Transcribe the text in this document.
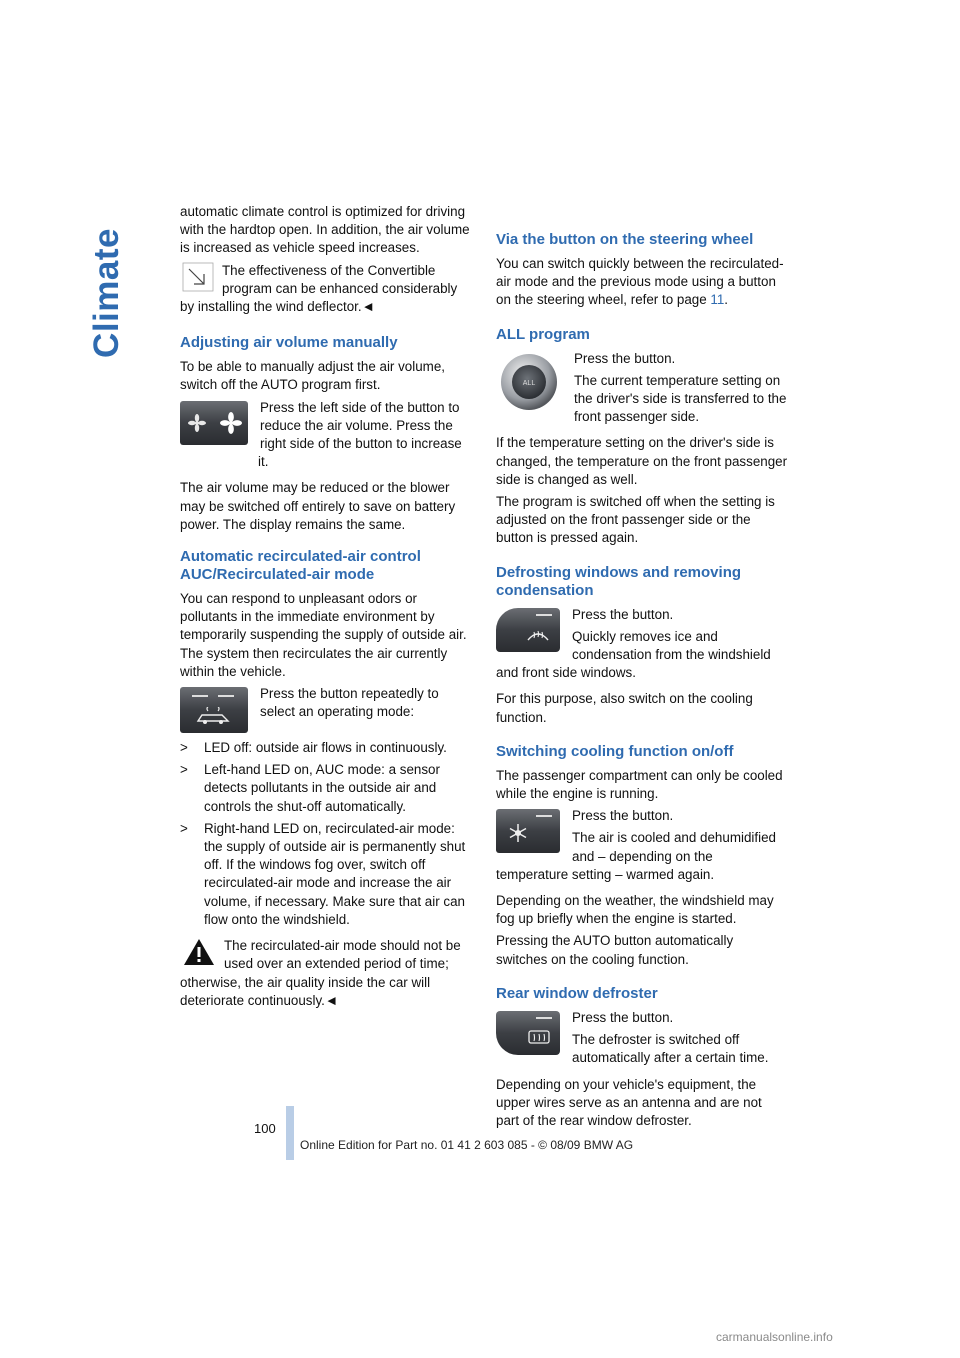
Climate

automatic climate control is optimized for driving with the hardtop open. In addition, the air volume is increased as vehicle speed increases.

The effectiveness of the Convertible program can be enhanced considerably by installing the wind deflector.◄

Adjusting air volume manually

To be able to manually adjust the air volume, switch off the AUTO program first.

Press the left side of the button to reduce the air volume. Press the right side of the button to increase it.

The air volume may be reduced or the blower may be switched off entirely to save on battery power. The display remains the same.

Automatic recirculated-air control AUC/Recirculated-air mode

You can respond to unpleasant odors or pollutants in the immediate environment by temporarily suspending the supply of outside air. The system then recirculates the air currently within the vehicle.

Press the button repeatedly to select an operating mode:

>	LED off: outside air flows in continuously.
>	Left-hand LED on, AUC mode: a sensor detects pollutants in the outside air and controls the shut-off automatically.
>	Right-hand LED on, recirculated-air mode: the supply of outside air is permanently shut off. If the windows fog over, switch off recirculated-air mode and increase the air volume, if necessary. Make sure that air can flow onto the windshield.

The recirculated-air mode should not be used over an extended period of time; otherwise, the air quality inside the car will deteriorate continuously.◄

Via the button on the steering wheel

You can switch quickly between the recirculated-air mode and the previous mode using a button on the steering wheel, refer to page 11.

ALL program
ALL

Press the button.

The current temperature setting on the driver's side is transferred to the front passenger side.

If the temperature setting on the driver's side is changed, the temperature on the front passenger side is changed as well.

The program is switched off when the setting is adjusted on the front passenger side or the button is pressed again.

Defrosting windows and removing condensation

Press the button.

Quickly removes ice and condensation from the windshield and front side windows.

For this purpose, also switch on the cooling function.

Switching cooling function on/off

The passenger compartment can only be cooled while the engine is running.

Press the button.

The air is cooled and dehumidified and – depending on the temperature setting – warmed again.

Depending on the weather, the windshield may fog up briefly when the engine is started.

Pressing the AUTO button automatically switches on the cooling function.

Rear window defroster

Press the button.

The defroster is switched off automatically after a certain time.

Depending on your vehicle's equipment, the upper wires serve as an antenna and are not part of the rear window defroster.

100
Online Edition for Part no. 01 41 2 603 085 - © 08/09 BMW AG
carmanualsonline.info
